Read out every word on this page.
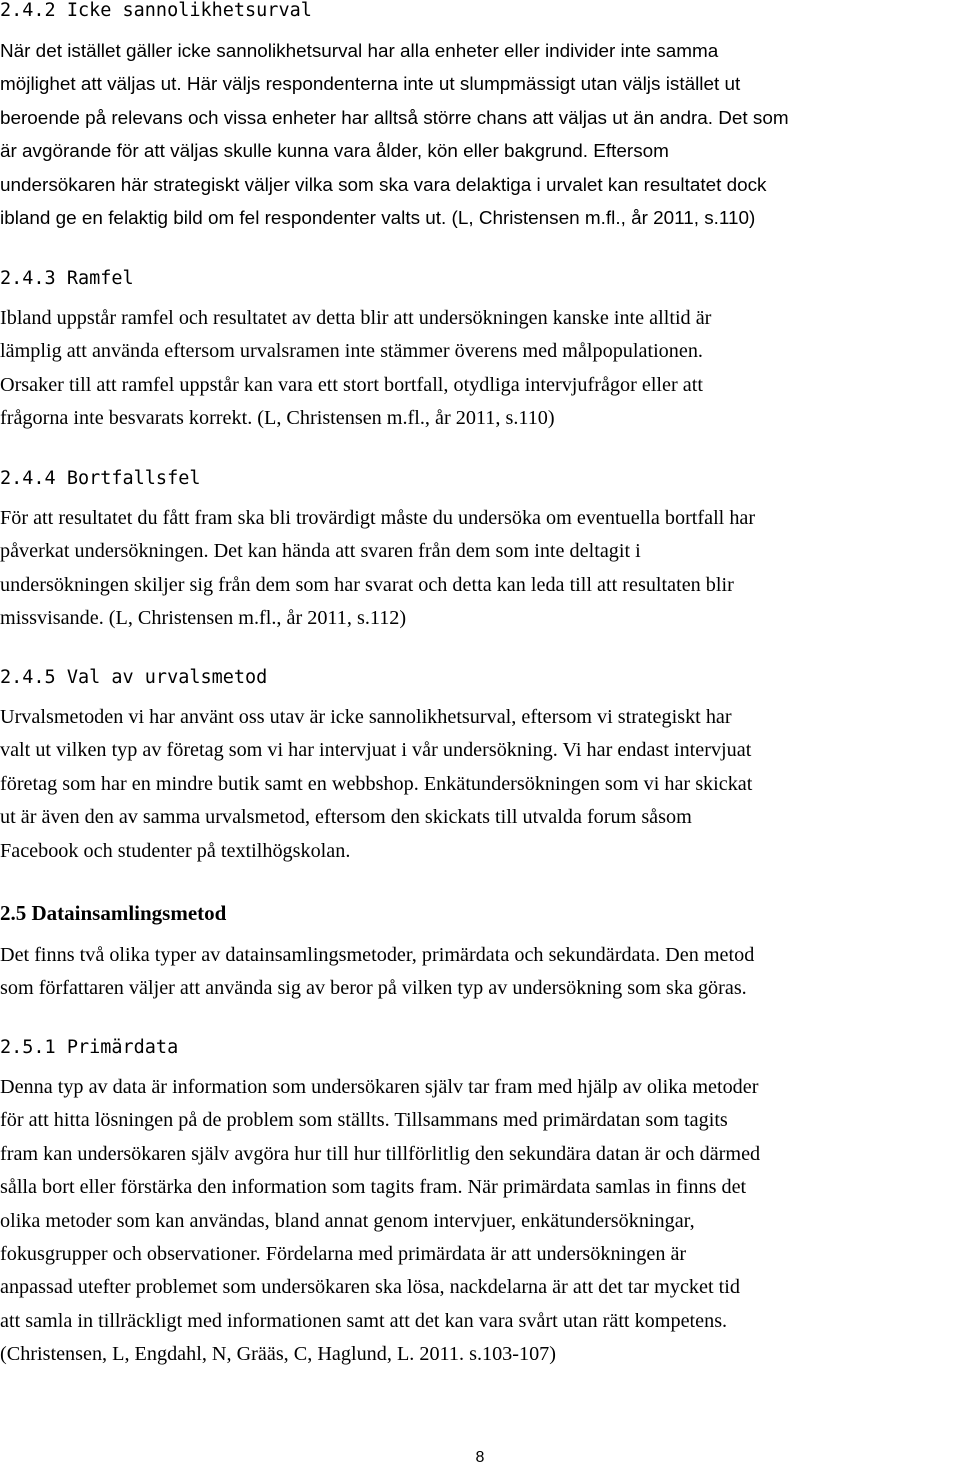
2.4.2 Icke sannolikhetsurval
När det istället gäller icke sannolikhetsurval har alla enheter eller individer inte samma
möjlighet att väljas ut. Här väljs respondenterna inte ut slumpmässigt utan väljs istället ut
beroende på relevans och vissa enheter har alltså större chans att väljas ut än andra. Det som
är avgörande för att väljas skulle kunna vara ålder, kön eller bakgrund. Eftersom
undersökaren här strategiskt väljer vilka som ska vara delaktiga i urvalet kan resultatet dock
ibland ge en felaktig bild om fel respondenter valts ut. (L, Christensen m.fl., år 2011, s.110)
2.4.3 Ramfel
Ibland uppstår ramfel och resultatet av detta blir att undersökningen kanske inte alltid är
lämplig att använda eftersom urvalsramen inte stämmer överens med målpopulationen.
Orsaker till att ramfel uppstår kan vara ett stort bortfall, otydliga intervjufrågor eller att
frågorna inte besvarats korrekt. (L, Christensen m.fl., år 2011, s.110)
2.4.4 Bortfallsfel
För att resultatet du fått fram ska bli trovärdigt måste du undersöka om eventuella bortfall har
påverkat undersökningen. Det kan hända att svaren från dem som inte deltagit i
undersökningen skiljer sig från dem som har svarat och detta kan leda till att resultaten blir
missvisande. (L, Christensen m.fl., år 2011, s.112)
2.4.5 Val av urvalsmetod
Urvalsmetoden vi har använt oss utav är icke sannolikhetsurval, eftersom vi strategiskt har
valt ut vilken typ av företag som vi har intervjuat i vår undersökning. Vi har endast intervjuat
företag som har en mindre butik samt en webbshop. Enkätundersökningen som vi har skickat
ut är även den av samma urvalsmetod, eftersom den skickats till utvalda forum såsom
Facebook och studenter på textilhögskolan.
2.5 Datainsamlingsmetod
Det finns två olika typer av datainsamlingsmetoder, primärdata och sekundärdata. Den metod
som författaren väljer att använda sig av beror på vilken typ av undersökning som ska göras.
2.5.1 Primärdata
Denna typ av data är information som undersökaren själv tar fram med hjälp av olika metoder
för att hitta lösningen på de problem som ställts. Tillsammans med primärdatan som tagits
fram kan undersökaren själv avgöra hur till hur tillförlitlig den sekundära datan är och därmed
sålla bort eller förstärka den information som tagits fram. När primärdata samlas in finns det
olika metoder som kan användas, bland annat genom intervjuer, enkätundersökningar,
fokusgrupper och observationer. Fördelarna med primärdata är att undersökningen är
anpassad utefter problemet som undersökaren ska lösa, nackdelarna är att det tar mycket tid
att samla in tillräckligt med informationen samt att det kan vara svårt utan rätt kompetens.
(Christensen, L, Engdahl, N, Grääs, C, Haglund, L. 2011. s.103-107)
8
